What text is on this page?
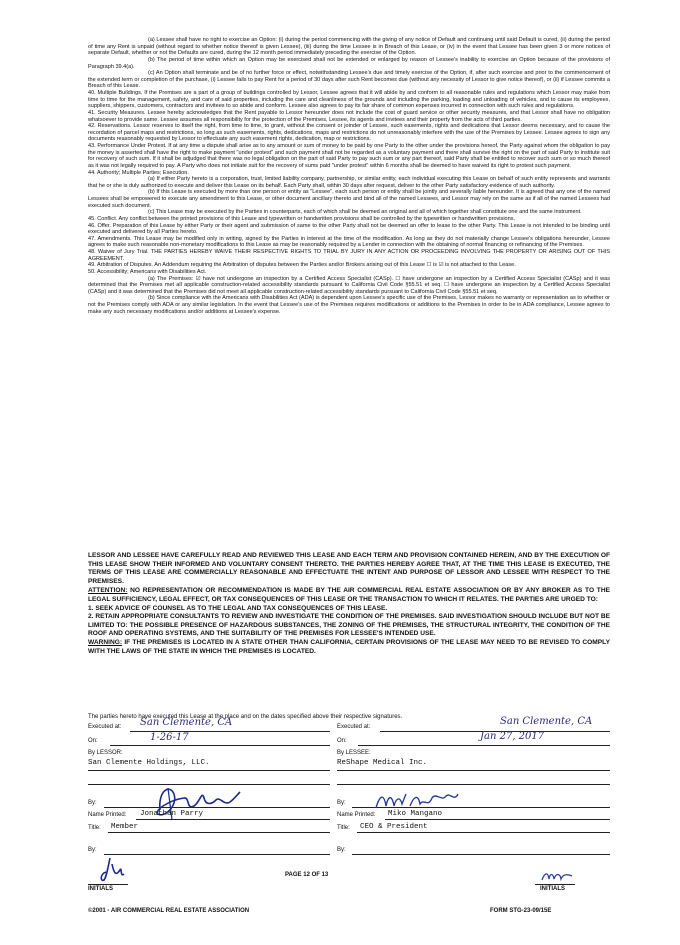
(a) Lessee shall have no right to exercise an Option: (i) during the period commencing with the giving of any notice of Default and continuing until said Default is cured, (ii) during the period of time any Rent is unpaid (without regard to whether notice thereof is given Lessee), (iii) during the time Lessee is in Breach of this Lease, or (iv) in the event that Lessee has been given 3 or more notices of separate Default, whether or not the Defaults are cured, during the 12 month period immediately preceding the exercise of the Option.

(b) The period of time within which an Option may be exercised shall not be extended or enlarged by reason of Lessee's inability to exercise an Option because of the provisions of Paragraph 39.4(a).

(c) An Option shall terminate and be of no further force or effect, notwithstanding Lessee's due and timely exercise of the Option, if, after such exercise and prior to the commencement of the extended term or completion of the purchase, (i) Lessee fails to pay Rent for a period of 30 days after such Rent becomes due (without any necessity of Lessor to give notice thereof), or (ii) if Lessee commits a Breach of this Lease.

40. Multiple Buildings. If the Premises are a part of a group of buildings controlled by Lessor, Lessee agrees that it will abide by and conform to all reasonable rules and regulations which Lessor may make from time to time for the management, safety, and care of said properties, including the care and cleanliness of the grounds and including the parking, loading and unloading of vehicles, and to cause its employees, suppliers, shippers, customers, contractors and invitees to so abide and conform. Lessee also agrees to pay its fair share of common expenses incurred in connection with such rules and regulations.

41. Security Measures. Lessee hereby acknowledges that the Rent payable to Lessor hereunder does not include the cost of guard service or other security measures, and that Lessor shall have no obligation whatsoever to provide same. Lessee assumes all responsibility for the protection of the Premises, Lessee, its agents and invitees and their property from the acts of third parties.

42. Reservations. Lessor reserves to itself the right, from time to time, to grant, without the consent or joinder of Lessee, such easements, rights and dedications that Lessor deems necessary, and to cause the recordation of parcel maps and restrictions, so long as such easements, rights, dedications, maps and restrictions do not unreasonably interfere with the use of the Premises by Lessee. Lessee agrees to sign any documents reasonably requested by Lessor to effectuate any such easement rights, dedication, map or restrictions.

43. Performance Under Protest. If at any time a dispute shall arise as to any amount or sum of money to be paid by one Party to the other under the provisions hereof, the Party against whom the obligation to pay the money is asserted shall have the right to make payment "under protest" and such payment shall not be regarded as a voluntary payment and there shall survive the right on the part of said Party to institute suit for recovery of such sum. If it shall be adjudged that there was no legal obligation on the part of said Party to pay such sum or any part thereof, said Party shall be entitled to recover such sum or so much thereof as it was not legally required to pay. A Party who does not initiate suit for the recovery of sums paid "under protest" within 6 months shall be deemed to have waived its right to protest such payment.

44. Authority; Multiple Parties; Execution.

(a) If either Party hereto is a corporation, trust, limited liability company, partnership, or similar entity, each individual executing this Lease on behalf of such entity represents and warrants that he or she is duly authorized to execute and deliver this Lease on its behalf. Each Party shall, within 30 days after request, deliver to the other Party satisfactory evidence of such authority.

(b) If this Lease is executed by more than one person or entity as "Lessee", each such person or entity shall be jointly and severally liable hereunder. It is agreed that any one of the named Lessees shall be empowered to execute any amendment to this Lease, or other document ancillary thereto and bind all of the named Lessees, and Lessor may rely on the same as if all of the named Lessees had executed such document.

(c) This Lease may be executed by the Parties in counterparts, each of which shall be deemed an original and all of which together shall constitute one and the same instrument.

45. Conflict. Any conflict between the printed provisions of this Lease and typewritten or handwritten provisions shall be controlled by the typewritten or handwritten provisions.

46. Offer. Preparation of this Lease by either Party or their agent and submission of same to the other Party shall not be deemed an offer to lease to the other Party. This Lease is not intended to be binding until executed and delivered by all Parties hereto.

47. Amendments. This Lease may be modified only in writing, signed by the Parties in interest at the time of the modification. As long as they do not materially change Lessee's obligations hereunder, Lessee agrees to make such reasonable non-monetary modifications to this Lease as may be reasonably required by a Lender in connection with the obtaining of normal financing or refinancing of the Premises.

48. Waiver of Jury Trial. THE PARTIES HEREBY WAIVE THEIR RESPECTIVE RIGHTS TO TRIAL BY JURY IN ANY ACTION OR PROCEEDING INVOLVING THE PROPERTY OR ARISING OUT OF THIS AGREEMENT.

49. Arbitration of Disputes. An Addendum requiring the Arbitration of disputes between the Parties and/or Brokers arising out of this Lease ☐ is ☑ is not attached to this Lease.

50. Accessibility; Americans with Disabilities Act.

(a) The Premises: ☑ have not undergone an inspection by a Certified Access Specialist (CASp). ☐ have undergone an inspection by a Certified Access Specialist (CASp) and it was determined that the Premises met all applicable construction-related accessibility standards pursuant to California Civil Code §55.51 et seq. ☐ have undergone an inspection by a Certified Access Specialist (CASp) and it was determined that the Premises did not meet all applicable construction-related accessibility standards pursuant to California Civil Code §55.51 et seq.

(b) Since compliance with the Americans with Disabilities Act (ADA) is dependent upon Lessee's specific use of the Premises, Lessor makes no warranty or representation as to whether or not the Premises comply with ADA or any similar legislation. In the event that Lessee's use of the Premises requires modifications or additions to the Premises in order to be in ADA compliance, Lessee agrees to make any such necessary modifications and/or additions at Lessee's expense.

LESSOR AND LESSEE HAVE CAREFULLY READ AND REVIEWED THIS LEASE AND EACH TERM AND PROVISION CONTAINED HEREIN, AND BY THE EXECUTION OF THIS LEASE SHOW THEIR INFORMED AND VOLUNTARY CONSENT THERETO. THE PARTIES HEREBY AGREE THAT, AT THE TIME THIS LEASE IS EXECUTED, THE TERMS OF THIS LEASE ARE COMMERCIALLY REASONABLE AND EFFECTUATE THE INTENT AND PURPOSE OF LESSOR AND LESSEE WITH RESPECT TO THE PREMISES.

ATTENTION: NO REPRESENTATION OR RECOMMENDATION IS MADE BY THE AIR COMMERCIAL REAL ESTATE ASSOCIATION OR BY ANY BROKER AS TO THE LEGAL SUFFICIENCY, LEGAL EFFECT, OR TAX CONSEQUENCES OF THIS LEASE OR THE TRANSACTION TO WHICH IT RELATES. THE PARTIES ARE URGED TO:

1. SEEK ADVICE OF COUNSEL AS TO THE LEGAL AND TAX CONSEQUENCES OF THIS LEASE.

2. RETAIN APPROPRIATE CONSULTANTS TO REVIEW AND INVESTIGATE THE CONDITION OF THE PREMISES. SAID INVESTIGATION SHOULD INCLUDE BUT NOT BE LIMITED TO: THE POSSIBLE PRESENCE OF HAZARDOUS SUBSTANCES, THE ZONING OF THE PREMISES, THE STRUCTURAL INTEGRITY, THE CONDITION OF THE ROOF AND OPERATING SYSTEMS, AND THE SUITABILITY OF THE PREMISES FOR LESSEE'S INTENDED USE.

WARNING: IF THE PREMISES IS LOCATED IN A STATE OTHER THAN CALIFORNIA, CERTAIN PROVISIONS OF THE LEASE MAY NEED TO BE REVISED TO COMPLY WITH THE LAWS OF THE STATE IN WHICH THE PREMISES IS LOCATED.

The parties hereto have executed this Lease at the place and on the dates specified above their respective signatures.
Executed at: San Clemente, CA	Executed at:	San Clemente, CA
On:	1-26-17	On:	Jan 27, 2017
By LESSOR:	By LESSEE:
San Clemente Holdings, LLC.	ReShape Medical Inc.
By:	By:
Name Printed: Jonathan Parry	Name Printed: Miko Mangano
Title: Member	Title: CEO & President
By:	By:
INITIALS	INITIALS
PAGE 12 OF 13
©2001 - AIR COMMERCIAL REAL ESTATE ASSOCIATION	FORM STG-23-09/15E
